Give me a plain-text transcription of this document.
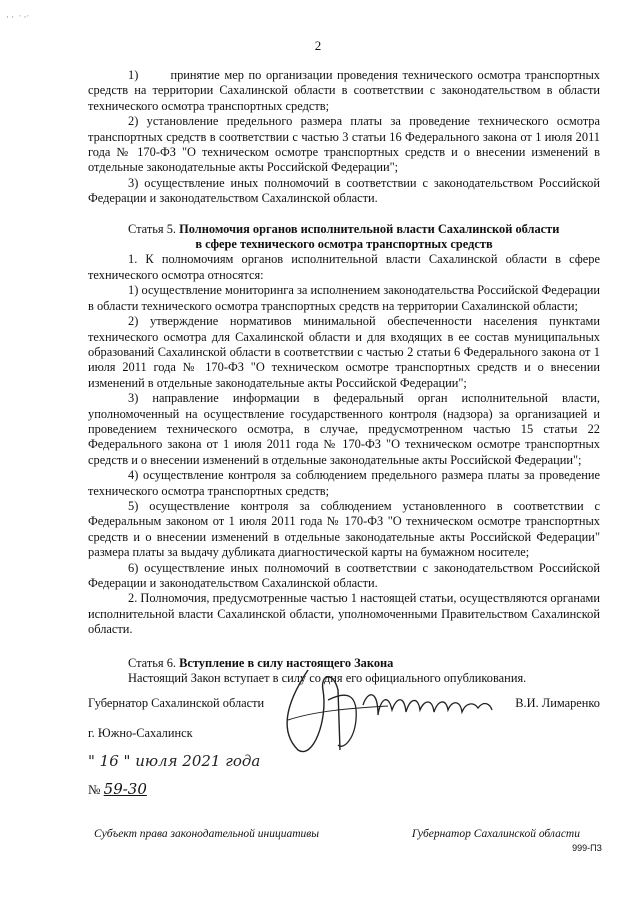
· ·  ˑ ·ˑ
2

1)       принятие мер по организации проведения технического осмотра транспортных средств на территории Сахалинской области в соответствии с законодательством в области технического осмотра транспортных средств;

2) установление предельного размера платы за проведение технического осмотра транспортных средств в соответствии с частью 3 статьи 16 Федерального закона от 1 июля 2011 года № 170-ФЗ "О техническом осмотре транспортных средств и о внесении изменений в отдельные законодательные акты Российской Федерации";

3) осуществление иных полномочий в соответствии с законодательством Российской Федерации и законодательством Сахалинской области.

Статья 5. Полномочия органов исполнительной власти Сахалинской области

в сфере технического осмотра транспортных средств

1. К полномочиям органов исполнительной власти Сахалинской области в сфере технического осмотра относятся:

1) осуществление мониторинга за исполнением законодательства Российской Федерации в области технического осмотра транспортных средств на территории Сахалинской области;

2) утверждение нормативов минимальной обеспеченности населения пунктами технического осмотра для Сахалинской области и для входящих в ее состав муниципальных образований Сахалинской области в соответствии с частью 2 статьи 6 Федерального закона от 1 июля 2011 года № 170-ФЗ "О техническом осмотре транспортных средств и о внесении изменений в отдельные законодательные акты Российской Федерации";

3) направление информации в федеральный орган исполнительной власти, уполномоченный на осуществление государственного контроля (надзора) за организацией и проведением технического осмотра, в случае, предусмотренном частью 15 статьи 22 Федерального закона от 1 июля 2011 года № 170-ФЗ "О техническом осмотре транспортных средств и о внесении изменений в отдельные законодательные акты Российской Федерации";

4) осуществление контроля за соблюдением предельного размера платы за проведение технического осмотра транспортных средств;

5) осуществление контроля за соблюдением установленного в соответствии с Федеральным законом от 1 июля 2011 года № 170-ФЗ "О техническом осмотре транспортных средств и о внесении изменений в отдельные законодательные акты Российской Федерации" размера платы за выдачу дубликата диагностической карты на бумажном носителе;

6) осуществление иных полномочий в соответствии с законодательством Российской Федерации и законодательством Сахалинской области.

2. Полномочия, предусмотренные частью 1 настоящей статьи, осуществляются органами исполнительной власти Сахалинской области, уполномоченными Правительством Сахалинской области.

Статья 6. Вступление в силу настоящего Закона

Настоящий Закон вступает в силу со дня его официального опубликования.

Губернатор Сахалинской области	В.И. Лимаренко
г. Южно-Сахалинск
" 16 " июля 2021 года
№ 59-30
Субъект права законодательной инициативы	Губернатор Сахалинской области
999-ПЗ
